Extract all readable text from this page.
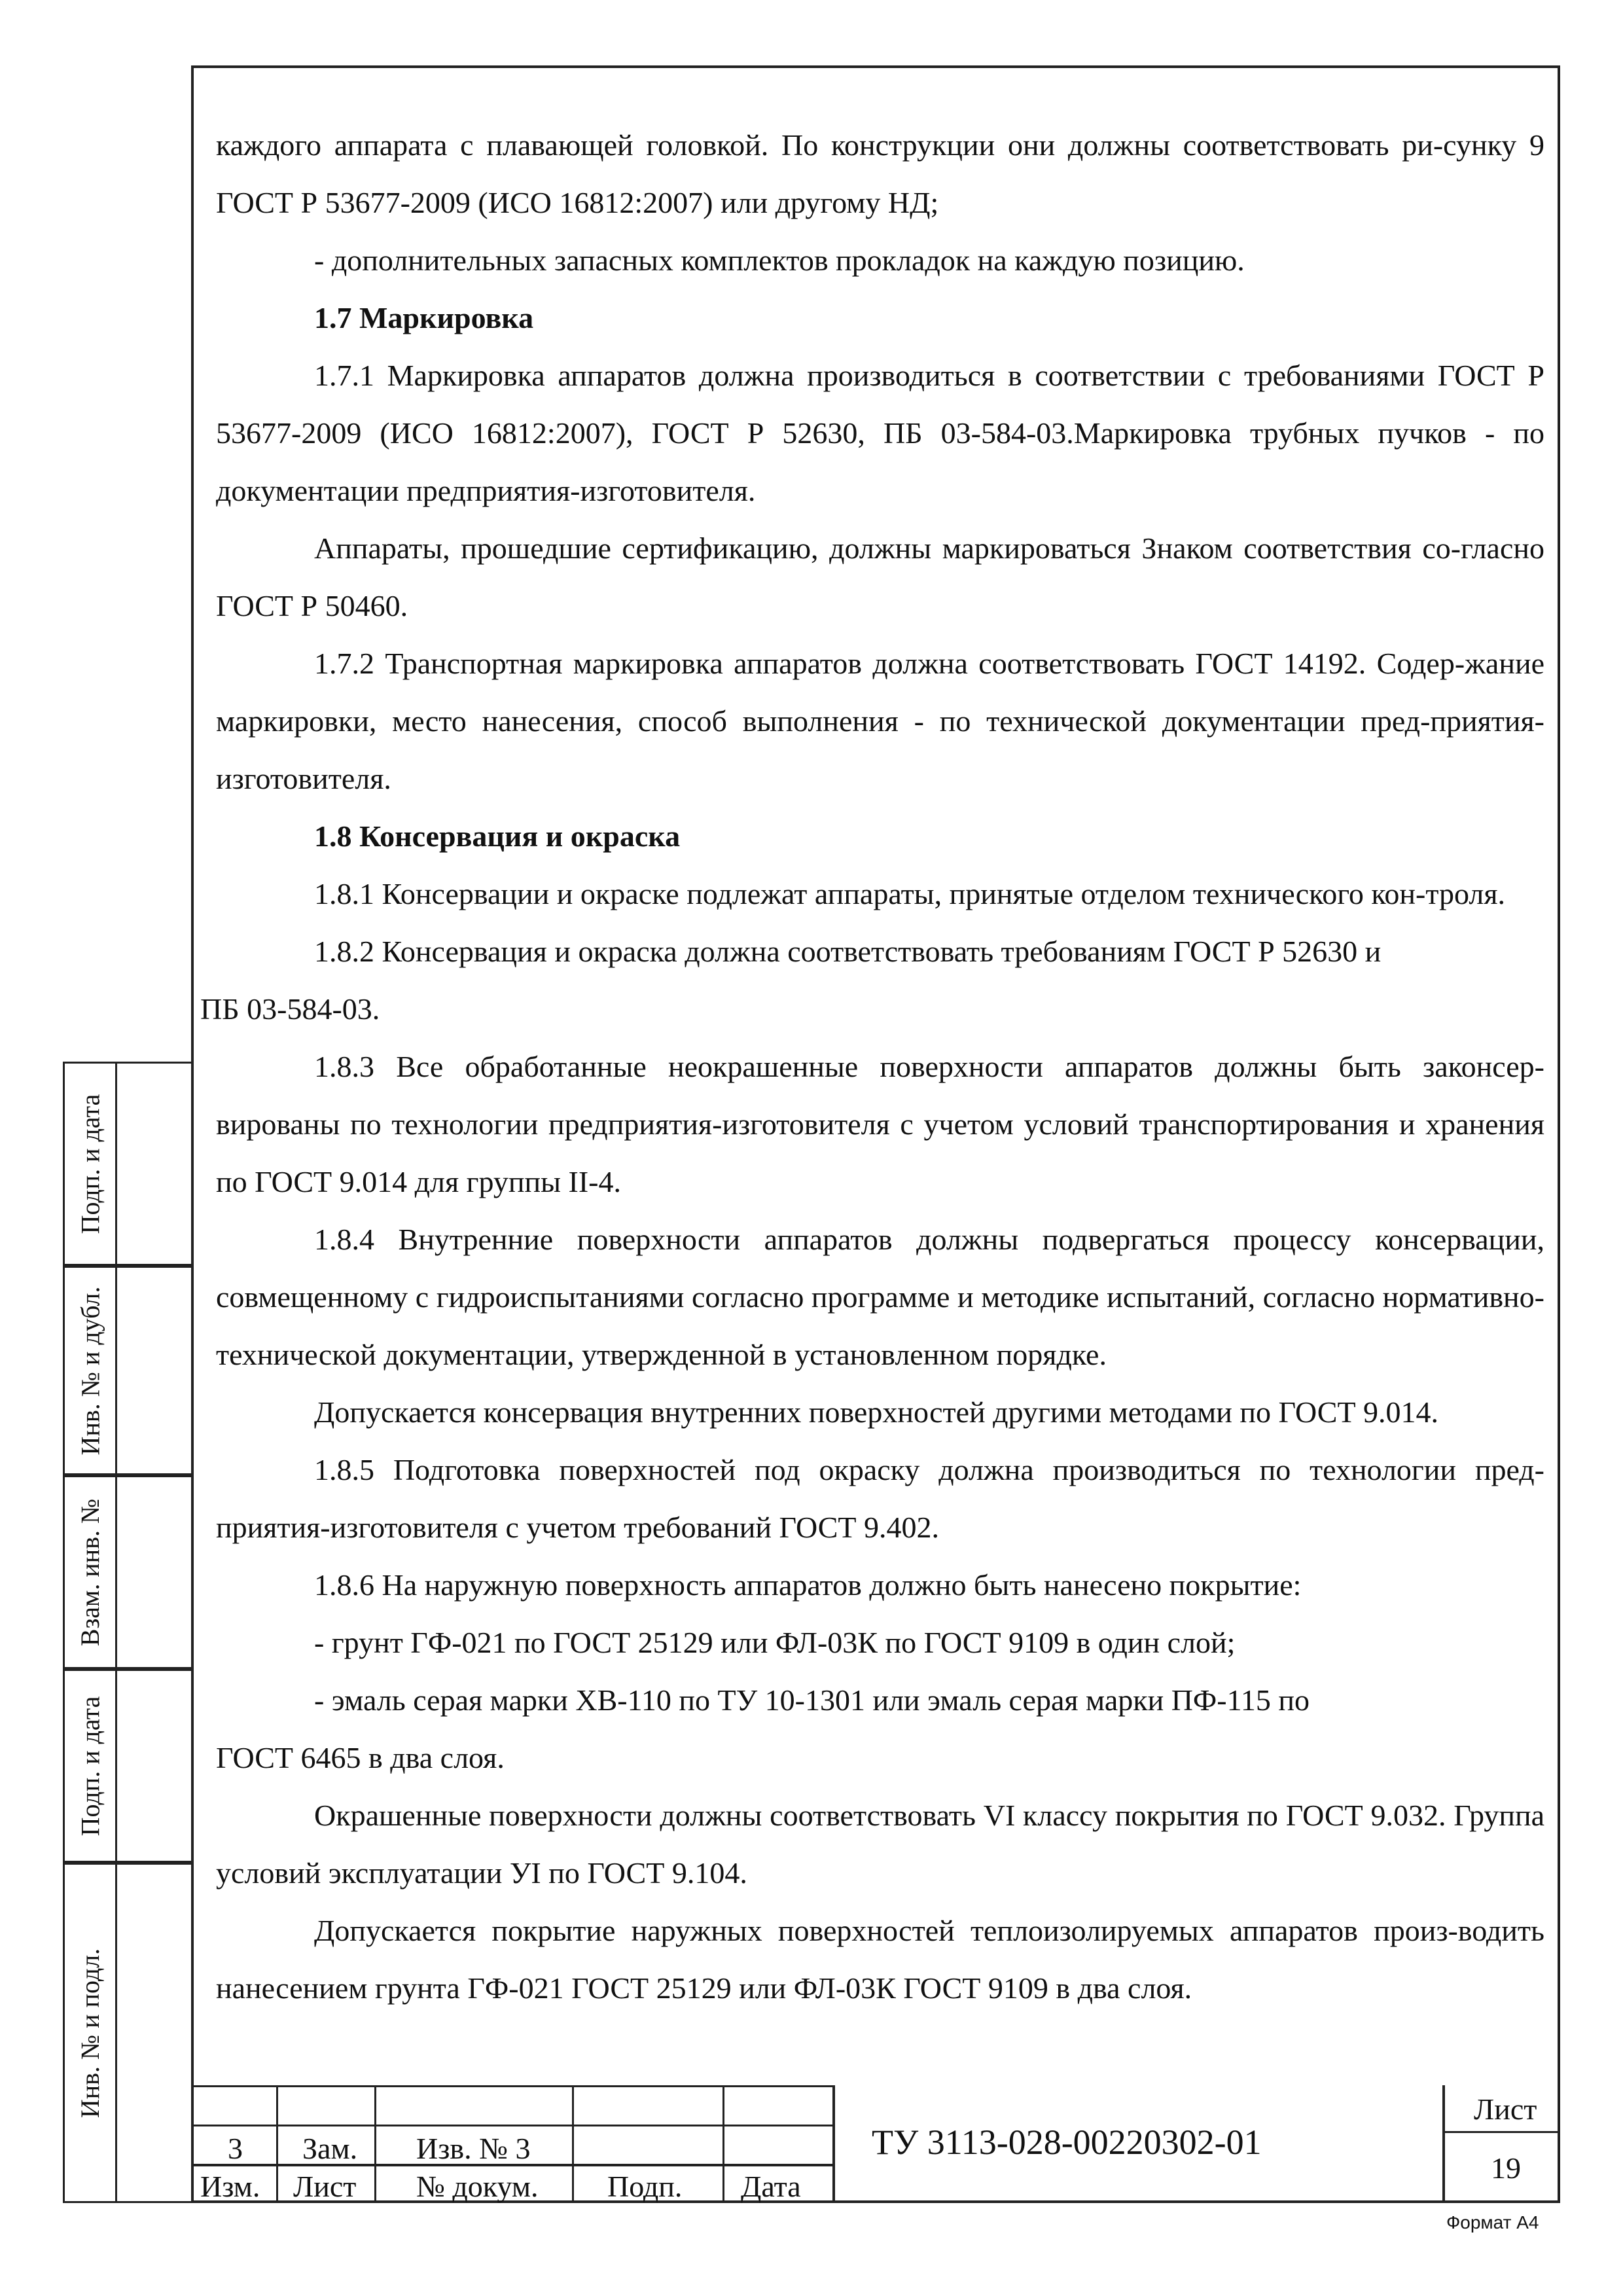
каждого аппарата с плавающей головкой. По конструкции они должны соответствовать ри-сунку 9 ГОСТ Р 53677-2009 (ИСО 16812:2007) или другому НД;

- дополнительных запасных комплектов прокладок на каждую позицию.

1.7 Маркировка

1.7.1 Маркировка аппаратов должна производиться в соответствии с требованиями ГОСТ Р 53677-2009 (ИСО 16812:2007), ГОСТ Р 52630, ПБ 03-584-03.Маркировка трубных пучков - по документации предприятия-изготовителя.

Аппараты, прошедшие сертификацию, должны маркироваться Знаком соответствия со-гласно ГОСТ Р 50460.

1.7.2 Транспортная маркировка аппаратов должна соответствовать ГОСТ 14192. Содер-жание маркировки, место нанесения, способ выполнения - по технической документации пред-приятия-изготовителя.

1.8 Консервация и окраска

1.8.1 Консервации и окраске подлежат аппараты, принятые отделом технического кон-троля.

1.8.2 Консервация и окраска должна соответствовать требованиям ГОСТ Р 52630 и

ПБ 03-584-03.

1.8.3 Все обработанные неокрашенные поверхности аппаратов должны быть законсер-вированы по технологии предприятия-изготовителя с учетом условий транспортирования и хранения по ГОСТ 9.014 для группы II-4.

1.8.4 Внутренние поверхности аппаратов должны подвергаться процессу консервации, совмещенному с гидроиспытаниями согласно программе и методике испытаний, согласно нормативно-технической документации, утвержденной в установленном порядке.

Допускается консервация внутренних поверхностей другими методами по ГОСТ 9.014.

1.8.5 Подготовка поверхностей под окраску должна производиться по технологии пред-приятия-изготовителя с учетом требований ГОСТ 9.402.

1.8.6 На наружную поверхность аппаратов должно быть нанесено покрытие:

- грунт ГФ-021 по ГОСТ 25129 или ФЛ-03К по ГОСТ 9109 в один слой;

- эмаль серая марки ХВ-110 по ТУ 10-1301 или эмаль серая марки ПФ-115 по

ГОСТ 6465 в два слоя.

Окрашенные поверхности должны соответствовать VI классу покрытия по ГОСТ 9.032. Группа условий эксплуатации УI по ГОСТ 9.104.

Допускается покрытие наружных поверхностей теплоизолируемых аппаратов произ-водить нанесением грунта ГФ-021 ГОСТ 25129 или ФЛ-03К ГОСТ 9109 в два слоя.

Подп. и дата
Инв. № и дубл.
Взам. инв. №
Подп. и дата
Инв. № и подл.
3 Зам. Изв. № 3
Изм. Лист № докум. Подп. Дата
ТУ 3113-028-00220302-01
Лист
19
Формат А4
